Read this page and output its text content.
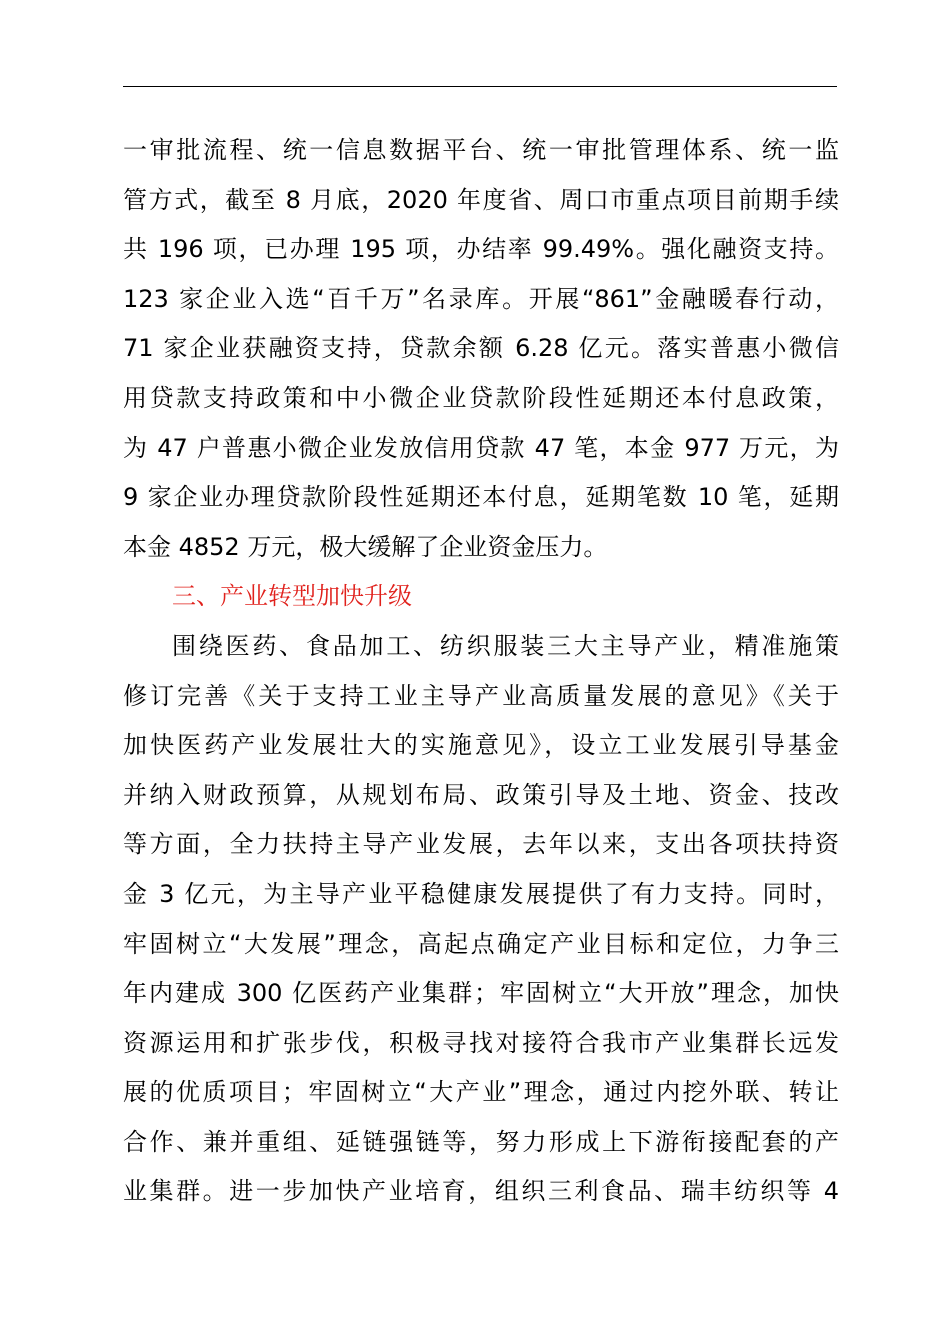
一审批流程、统一信息数据平台、统一审批管理体系、统一监
管方式，截至 8 月底，2020 年度省、周口市重点项目前期手续
共 196 项，已办理 195 项，办结率 99.49%。强化融资支持。
123 家企业入选“百千万”名录库。开展“861”金融暖春行动，
71 家企业获融资支持，贷款余额 6.28 亿元。落实普惠小微信
用贷款支持政策和中小微企业贷款阶段性延期还本付息政策，
为 47 户普惠小微企业发放信用贷款 47 笔，本金 977 万元，为
9 家企业办理贷款阶段性延期还本付息，延期笔数 10 笔，延期
本金 4852 万元，极大缓解了企业资金压力。
三、产业转型加快升级
围绕医药、食品加工、纺织服装三大主导产业，精准施策
修订完善《关于支持工业主导产业高质量发展的意见》《关于
加快医药产业发展壮大的实施意见》，设立工业发展引导基金
并纳入财政预算，从规划布局、政策引导及土地、资金、技改
等方面，全力扶持主导产业发展，去年以来，支出各项扶持资
金 3 亿元，为主导产业平稳健康发展提供了有力支持。同时，
牢固树立“大发展”理念，高起点确定产业目标和定位，力争三
年内建成 300 亿医药产业集群；牢固树立“大开放”理念，加快
资源运用和扩张步伐，积极寻找对接符合我市产业集群长远发
展的优质项目；牢固树立“大产业”理念，通过内挖外联、转让
合作、兼并重组、延链强链等，努力形成上下游衔接配套的产
业集群。进一步加快产业培育，组织三利食品、瑞丰纺织等 4
